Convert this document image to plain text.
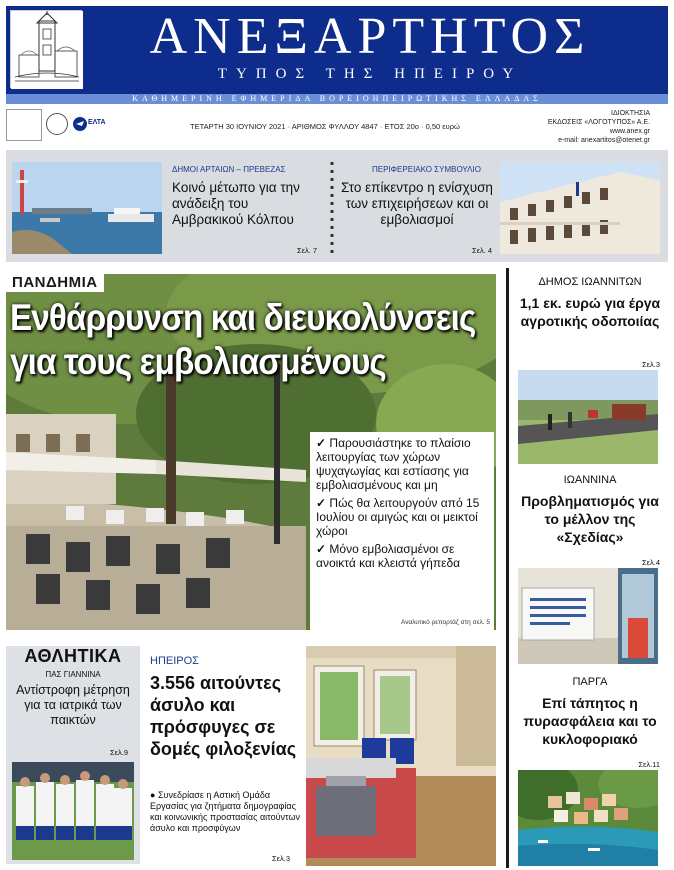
ΑΝΕΞΑΡΤΗΤΟΣ
ΤΥΠΟΣ ΤΗΣ ΗΠΕΙΡΟΥ
ΚΑΘΗΜΕΡΙΝΗ ΕΦΗΜΕΡΙΔΑ ΒΟΡΕΙΟΗΠΕΙΡΩΤΙΚΗΣ ΕΛΛΑΔΑΣ
ΕΛΤΑ	ΤΕΤΑΡΤΗ 30 ΙΟΥΝΙΟΥ 2021 · ΑΡΙΘΜΟΣ ΦΥΛΛΟΥ 4847 · ΕΤΟΣ 20ο · 0,50 ευρώ
ΙΔΙΟΚΤΗΣΙΑ
ΕΚΔΟΣΕΙΣ «ΛΟΓΟΤΥΠΟΣ» Α.Ε.
www.anex.gr
e-mail: anexartitos@otenet.gr
ΔΗΜΟΙ ΑΡΤΑΙΩΝ – ΠΡΕΒΕΖΑΣ
Κοινό μέτωπο για την ανάδειξη του Αμβρακικού Κόλπου
Σελ. 7
ΠΕΡΙΦΕΡΕΙΑΚΟ ΣΥΜΒΟΥΛΙΟ
Στο επίκεντρο η ενίσχυση των επιχειρήσεων και οι εμβολιασμοί
Σελ. 4
ΠΑΝΔΗΜΙΑ
Ενθάρρυνση και διευκολύνσεις
για τους εμβολιασμένους
✓ Παρουσιάστηκε το πλαίσιο λειτουργίας των χώρων ψυχαγωγίας και εστίασης για εμβολιασμένους και μη
✓ Πώς θα λειτουργούν από 15 Ιουλίου οι αμιγώς και οι μεικτοί χώροι
✓ Μόνο εμβολιασμένοι σε ανοικτά και κλειστά γήπεδα
Αναλυτικό ρεπορτάζ στη σελ. 5
ΔΗΜΟΣ ΙΩΑΝΝΙΤΩΝ
1,1 εκ. ευρώ για έργα αγροτικής οδοποιίας
Σελ.3
ΙΩΑΝΝΙΝΑ
Προβληματισμός για το μέλλον της «Σχεδίας»
Σελ.4
ΠΑΡΓΑ
Επί τάπητος η πυρασφάλεια και το κυκλοφοριακό
Σελ.11
ΑΘΛΗΤΙΚΑ
ΠΑΣ ΓΙΑΝΝΙΝΑ
Αντίστροφη μέτρηση για τα ιατρικά των παικτών
Σελ.9
ΗΠΕΙΡΟΣ
3.556 αιτούντες άσυλο και πρόσφυγες σε δομές φιλοξενίας
● Συνεδρίασε η Αστική Ομάδα Εργασίας για ζητήματα δημογραφίας και κοινωνικής προστασίας αιτούντων άσυλο και προσφύγων
Σελ.3
